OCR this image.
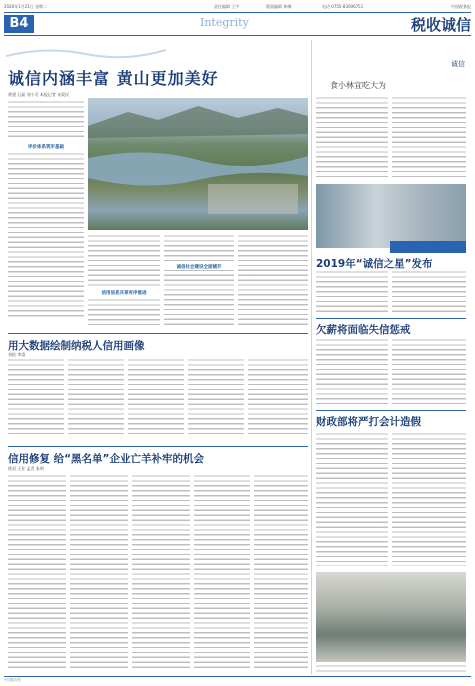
2020年1月21日 星期二	责任编辑 王宇	版面编辑 黄琳	电话 0755-83006751	中国税务报
B4	Integrity	税收诚信
诚信内涵丰富 黄山更加美好
黄建 石磊 刘小可 本报记者 宋爱民
评价体系筑牢基础
信用信息共享有序推进
诚信社会建设全面铺开
用大数据绘制纳税人信用画像
刘松 李睿
信用修复 给“黑名单”企业亡羊补牢的机会
徐双 王亚 孟青 朱明
诚信
食小林宜吃大为
2019年“诚信之星”发布
欠薪将面临失信惩戒
财政部将严打会计造假
中国税务报
